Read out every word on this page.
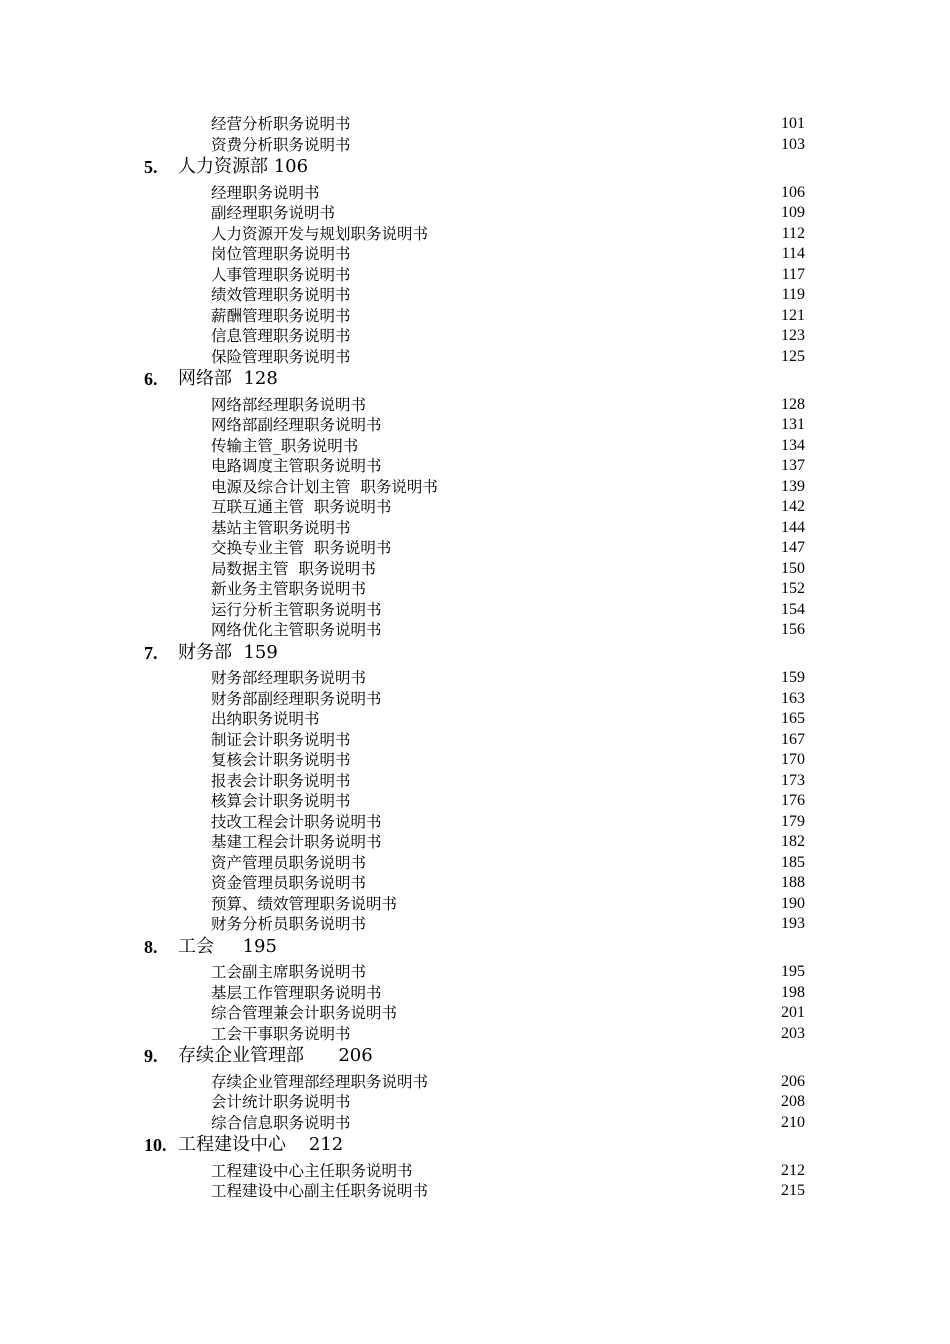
经营分析职务说明书	101
资费分析职务说明书	103
5. 人力资源部 106
经理职务说明书	106
副经理职务说明书	109
人力资源开发与规划职务说明书	112
岗位管理职务说明书	114
人事管理职务说明书	117
绩效管理职务说明书	119
薪酬管理职务说明书	121
信息管理职务说明书	123
保险管理职务说明书	125
6. 网络部  128
网络部经理职务说明书	128
网络部副经理职务说明书	131
传输主管_职务说明书	134
电路调度主管职务说明书	137
电源及综合计划主管  职务说明书	139
互联互通主管  职务说明书	142
基站主管职务说明书	144
交换专业主管  职务说明书	147
局数据主管  职务说明书	150
新业务主管职务说明书	152
运行分析主管职务说明书	154
网络优化主管职务说明书	156
7. 财务部  159
财务部经理职务说明书	159
财务部副经理职务说明书	163
出纳职务说明书	165
制证会计职务说明书	167
复核会计职务说明书	170
报表会计职务说明书	173
核算会计职务说明书	176
技改工程会计职务说明书	179
基建工程会计职务说明书	182
资产管理员职务说明书	185
资金管理员职务说明书	188
预算、绩效管理职务说明书	190
财务分析员职务说明书	193
8. 工会     195
工会副主席职务说明书	195
基层工作管理职务说明书	198
综合管理兼会计职务说明书	201
工会干事职务说明书	203
9. 存续企业管理部      206
存续企业管理部经理职务说明书	206
会计统计职务说明书	208
综合信息职务说明书	210
10. 工程建设中心    212
工程建设中心主任职务说明书	212
工程建设中心副主任职务说明书	215
